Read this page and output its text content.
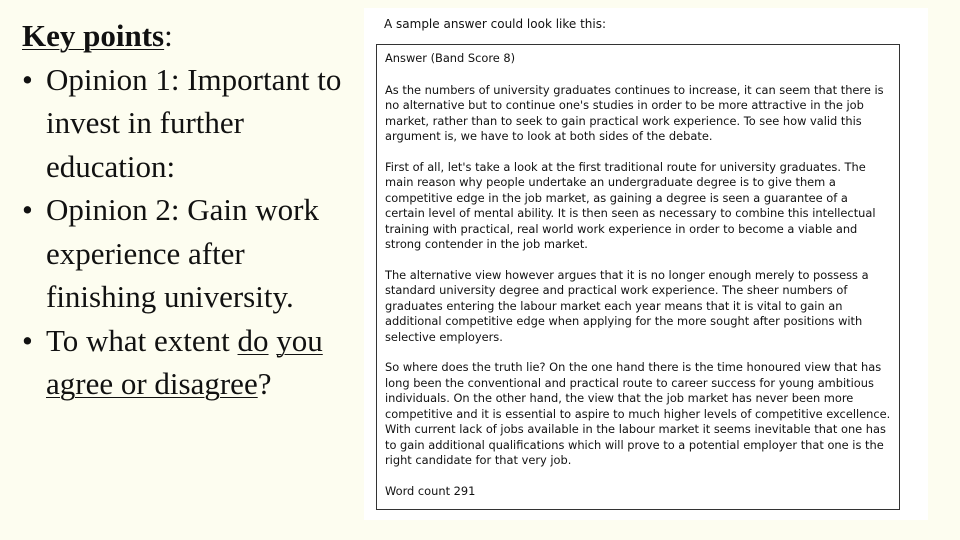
Key points:

• Opinion 1: Important to invest in further education:
• Opinion 2: Gain work experience after finishing university.
• To what extent do you agree or disagree?

A sample answer could look like this:

Answer (Band Score 8)

As the numbers of university graduates continues to increase, it can seem that there is no alternative but to continue one's studies in order to be more attractive in the job market, rather than to seek to gain practical work experience. To see how valid this argument is, we have to look at both sides of the debate.

First of all, let's take a look at the first traditional route for university graduates. The main reason why people undertake an undergraduate degree is to give them a competitive edge in the job market, as gaining a degree is seen a guarantee of a certain level of mental ability. It is then seen as necessary to combine this intellectual training with practical, real world work experience in order to become a viable and strong contender in the job market.

The alternative view however argues that it is no longer enough merely to possess a standard university degree and practical work experience. The sheer numbers of graduates entering the labour market each year means that it is vital to gain an additional competitive edge when applying for the more sought after positions with selective employers.

So where does the truth lie? On the one hand there is the time honoured view that has long been the conventional and practical route to career success for young ambitious individuals. On the other hand, the view that the job market has never been more competitive and it is essential to aspire to much higher levels of competitive excellence. With current lack of jobs available in the labour market it seems inevitable that one has to gain additional qualifications which will prove to a potential employer that one is the right candidate for that very job.

Word count 291
